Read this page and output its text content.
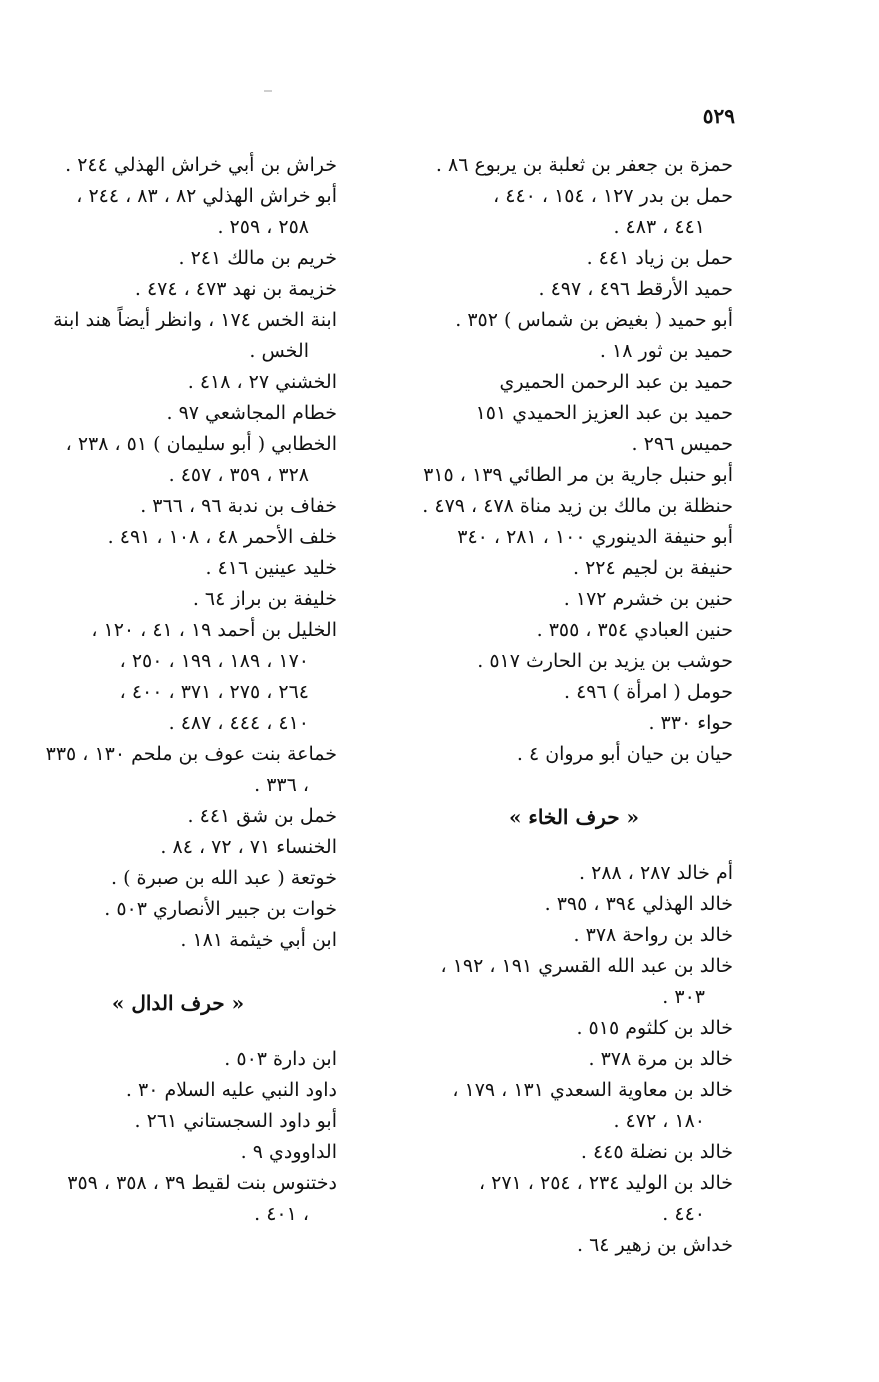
٥٢٩
حمزة بن جعفر بن ثعلبة بن يربوع ٨٦ .
حمل بن بدر ١٢٧ ، ١٥٤ ، ٤٤٠ ،
٤٤١ ، ٤٨٣ .
حمل بن زياد ٤٤١ .
حميد الأرقط ٤٩٦ ، ٤٩٧ .
أبو حميد ( بغيض بن شماس ) ٣٥٢ .
حميد بن ثور ١٨ .
حميد بن عبد الرحمن الحميري
حميد بن عبد العزيز الحميدي ١٥١
حميس ٢٩٦ .
أبو حنبل جارية بن مر الطائي ١٣٩ ، ٣١٥
حنظلة بن مالك بن زيد مناة ٤٧٨ ، ٤٧٩ .
أبو حنيفة الدينوري ١٠٠ ، ٢٨١ ، ٣٤٠
حنيفة بن لجيم ٢٢٤ .
حنين بن خشرم ١٧٢ .
حنين العبادي ٣٥٤ ، ٣٥٥ .
حوشب بن يزيد بن الحارث ٥١٧ .
حومل ( امرأة ) ٤٩٦ .
حواء ٣٣٠ .
حيان بن حيان أبو مروان ٤ .
« حرف الخاء »
أم خالد ٢٨٧ ، ٢٨٨ .
خالد الهذلي ٣٩٤ ، ٣٩٥ .
خالد بن رواحة ٣٧٨ .
خالد بن عبد الله القسري ١٩١ ، ١٩٢ ،
٣٠٣ .
خالد بن كلثوم ٥١٥ .
خالد بن مرة ٣٧٨ .
خالد بن معاوية السعدي ١٣١ ، ١٧٩ ،
١٨٠ ، ٤٧٢ .
خالد بن نضلة ٤٤٥ .
خالد بن الوليد ٢٣٤ ، ٢٥٤ ، ٢٧١ ،
٤٤٠ .
خداش بن زهير ٦٤ .
خراش بن أبي خراش الهذلي ٢٤٤ .
أبو خراش الهذلي ٨٢ ، ٨٣ ، ٢٤٤ ،
٢٥٨ ، ٢٥٩ .
خريم بن مالك ٢٤١ .
خزيمة بن نهد ٤٧٣ ، ٤٧٤ .
ابنة الخس ١٧٤ ، وانظر أيضاً هند ابنة
الخس .
الخشني ٢٧ ، ٤١٨ .
خطام المجاشعي ٩٧ .
الخطابي ( أبو سليمان ) ٥١ ، ٢٣٨ ،
٣٢٨ ، ٣٥٩ ، ٤٥٧ .
خفاف بن ندبة ٩٦ ، ٣٦٦ .
خلف الأحمر ٤٨ ، ١٠٨ ، ٤٩١ .
خليد عينين ٤١٦ .
خليفة بن براز ٦٤ .
الخليل بن أحمد ١٩ ، ٤١ ، ١٢٠ ،
١٧٠ ، ١٨٩ ، ١٩٩ ، ٢٥٠ ،
٢٦٤ ، ٢٧٥ ، ٣٧١ ، ٤٠٠ ،
٤١٠ ، ٤٤٤ ، ٤٨٧ .
خماعة بنت عوف بن ملحم ١٣٠ ، ٣٣٥
، ٣٣٦ .
خمل بن شق ٤٤١ .
الخنساء ٧١ ، ٧٢ ، ٨٤ .
خوتعة ( عبد الله بن صبرة ) .
خوات بن جبير الأنصاري ٥٠٣ .
ابن أبي خيثمة ١٨١ .
« حرف الدال »
ابن دارة ٥٠٣ .
داود النبي عليه السلام ٣٠ .
أبو داود السجستاني ٢٦١ .
الداوودي ٩ .
دختنوس بنت لقيط ٣٩ ، ٣٥٨ ، ٣٥٩
، ٤٠١ .
